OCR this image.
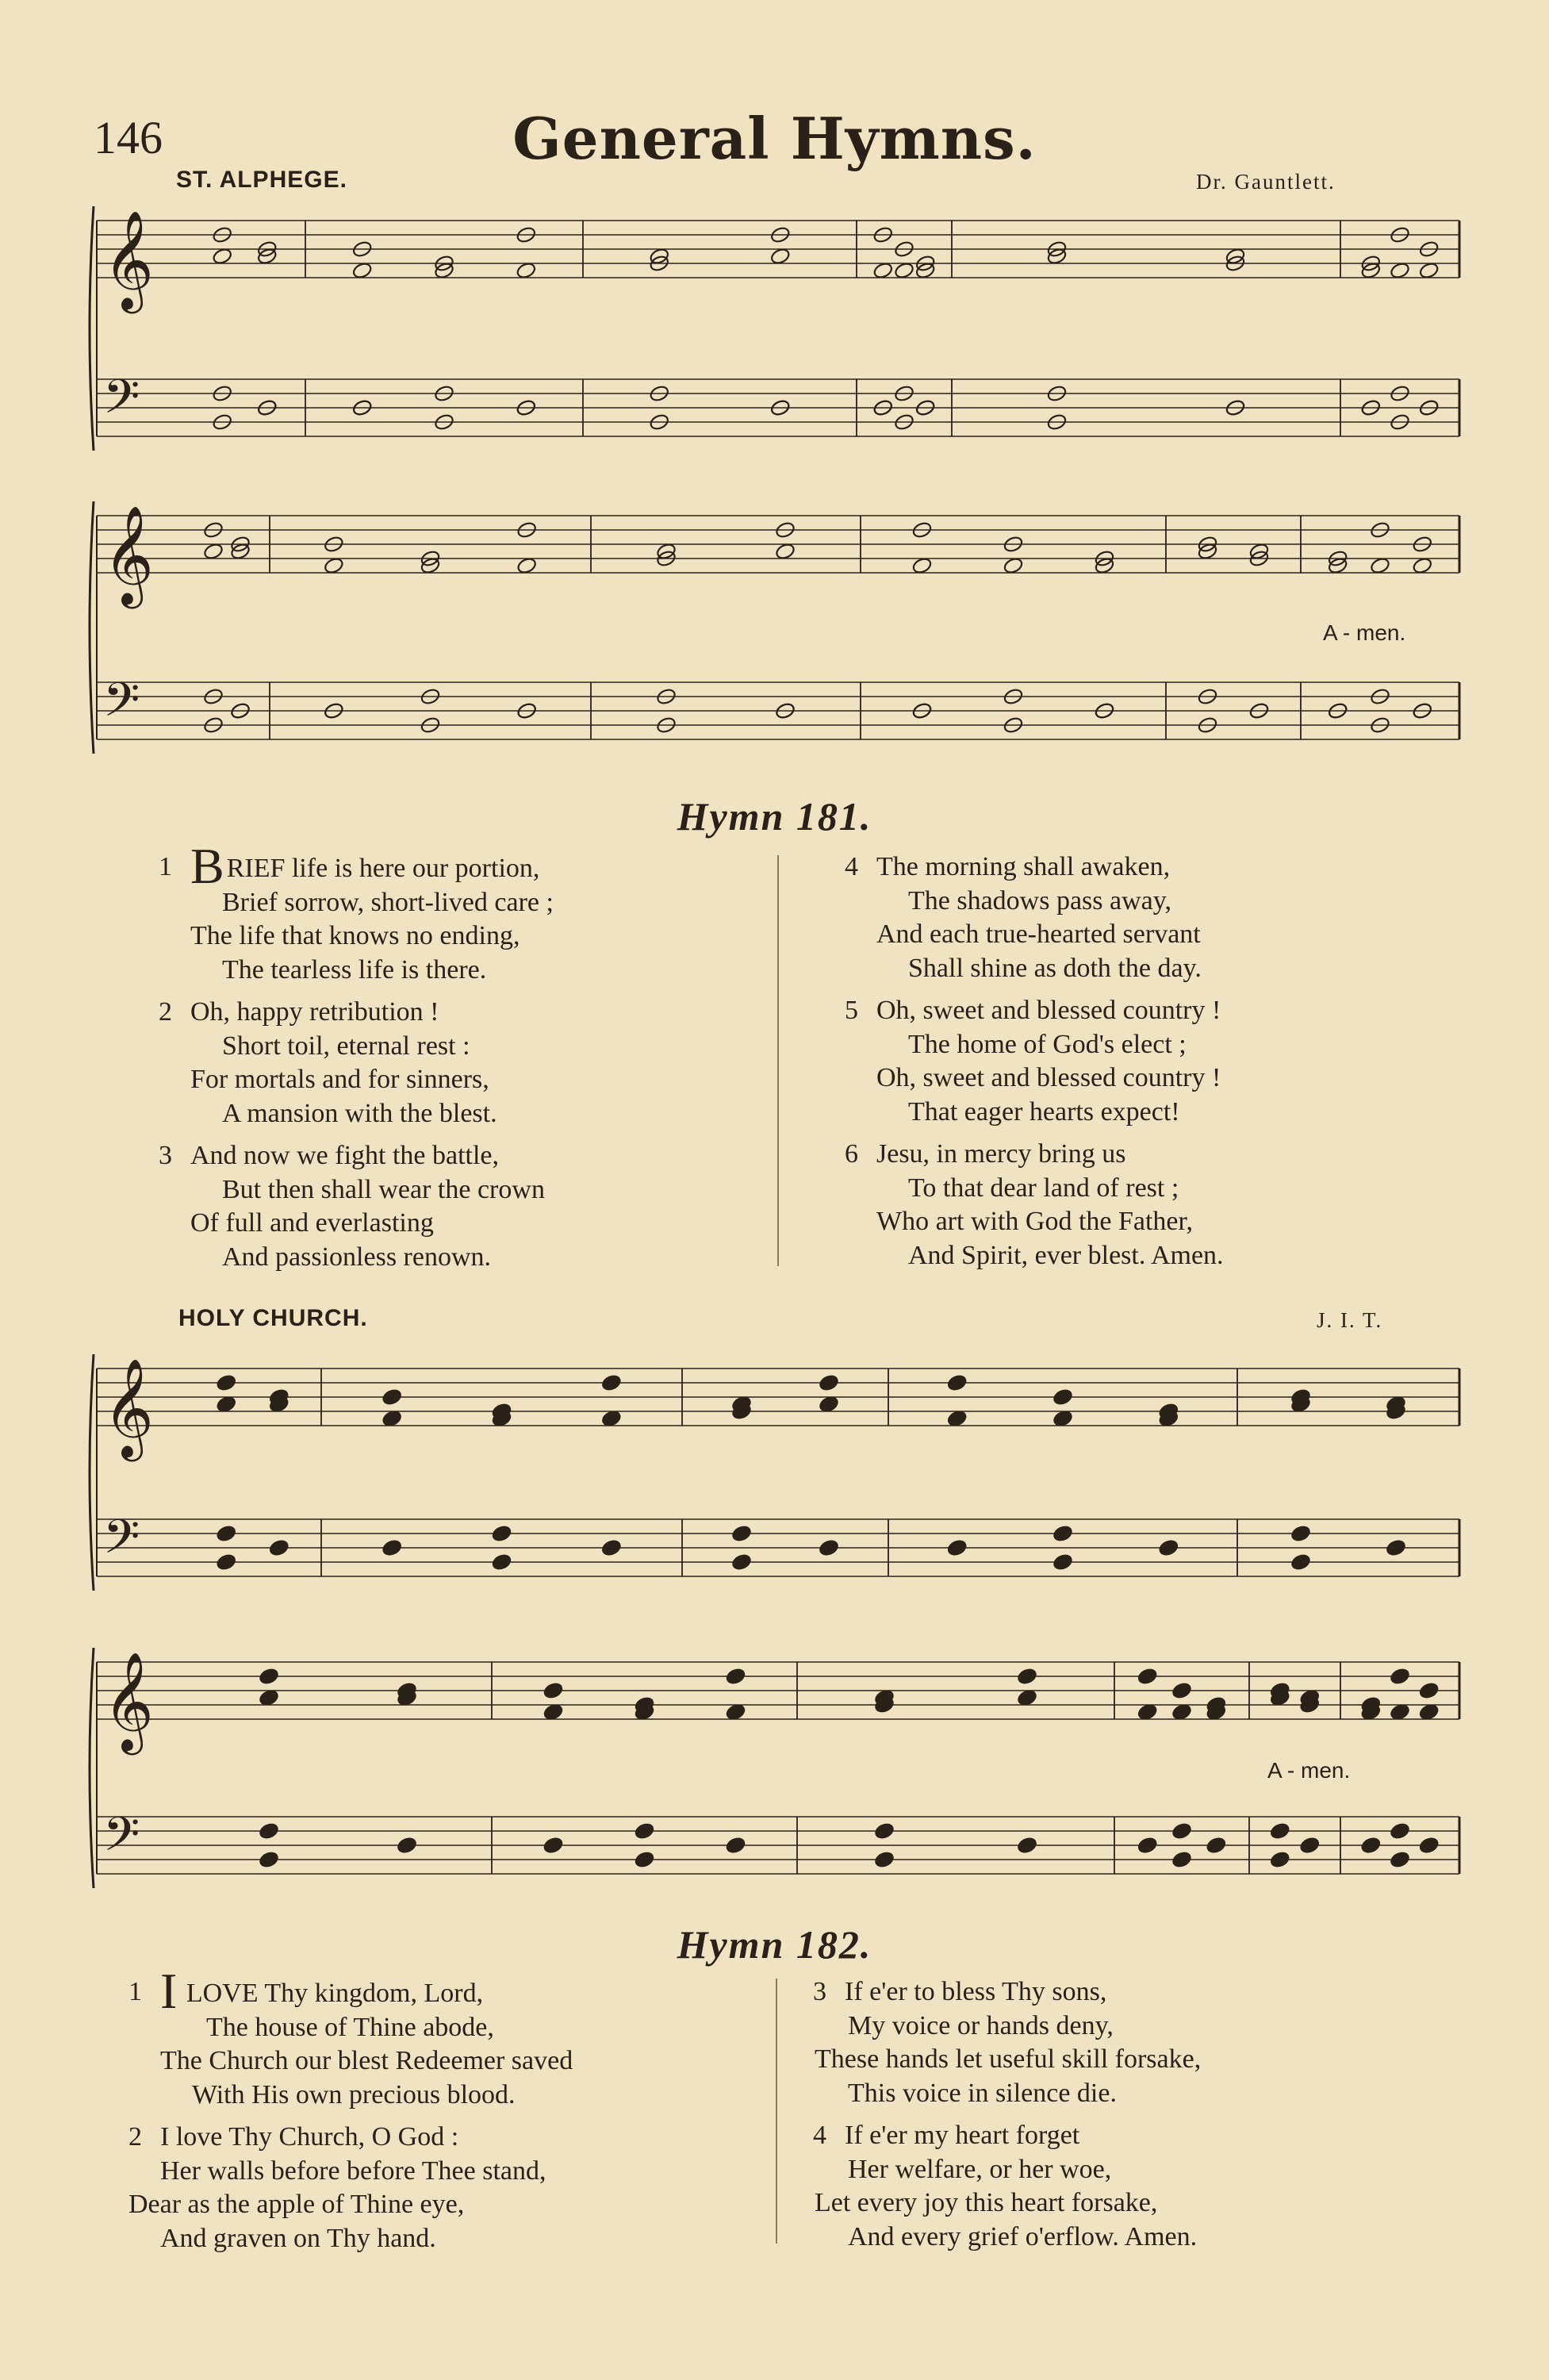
146	General Hymns.
ST. ALPHEGE.	Dr. Gauntlett.
𝄞
𝄢
𝄞
𝄢
A - men.
Hymn 181.
1 BRIEF life is here our portion,
Brief sorrow, short-lived care ;
The life that knows no ending,
The tearless life is there.
2 Oh, happy retribution !
Short toil, eternal rest :
For mortals and for sinners,
A mansion with the blest.
3 And now we fight the battle,
But then shall wear the crown
Of full and everlasting
And passionless renown.
4 The morning shall awaken,
The shadows pass away,
And each true-hearted servant
Shall shine as doth the day.
5 Oh, sweet and blessed country !
The home of God's elect ;
Oh, sweet and blessed country !
That eager hearts expect!
6 Jesu, in mercy bring us
To that dear land of rest ;
Who art with God the Father,
And Spirit, ever blest. Amen.
HOLY CHURCH.	J. I. T.
𝄞
𝄢
𝄞
𝄢
A - men.
Hymn 182.
1 I LOVE Thy kingdom, Lord,
The house of Thine abode,
The Church our blest Redeemer saved
With His own precious blood.
2 I love Thy Church, O God :
Her walls before before Thee stand,
Dear as the apple of Thine eye,
And graven on Thy hand.
3 If e'er to bless Thy sons,
My voice or hands deny,
These hands let useful skill forsake,
This voice in silence die.
4 If e'er my heart forget
Her welfare, or her woe,
Let every joy this heart forsake,
And every grief o'erflow. Amen.
